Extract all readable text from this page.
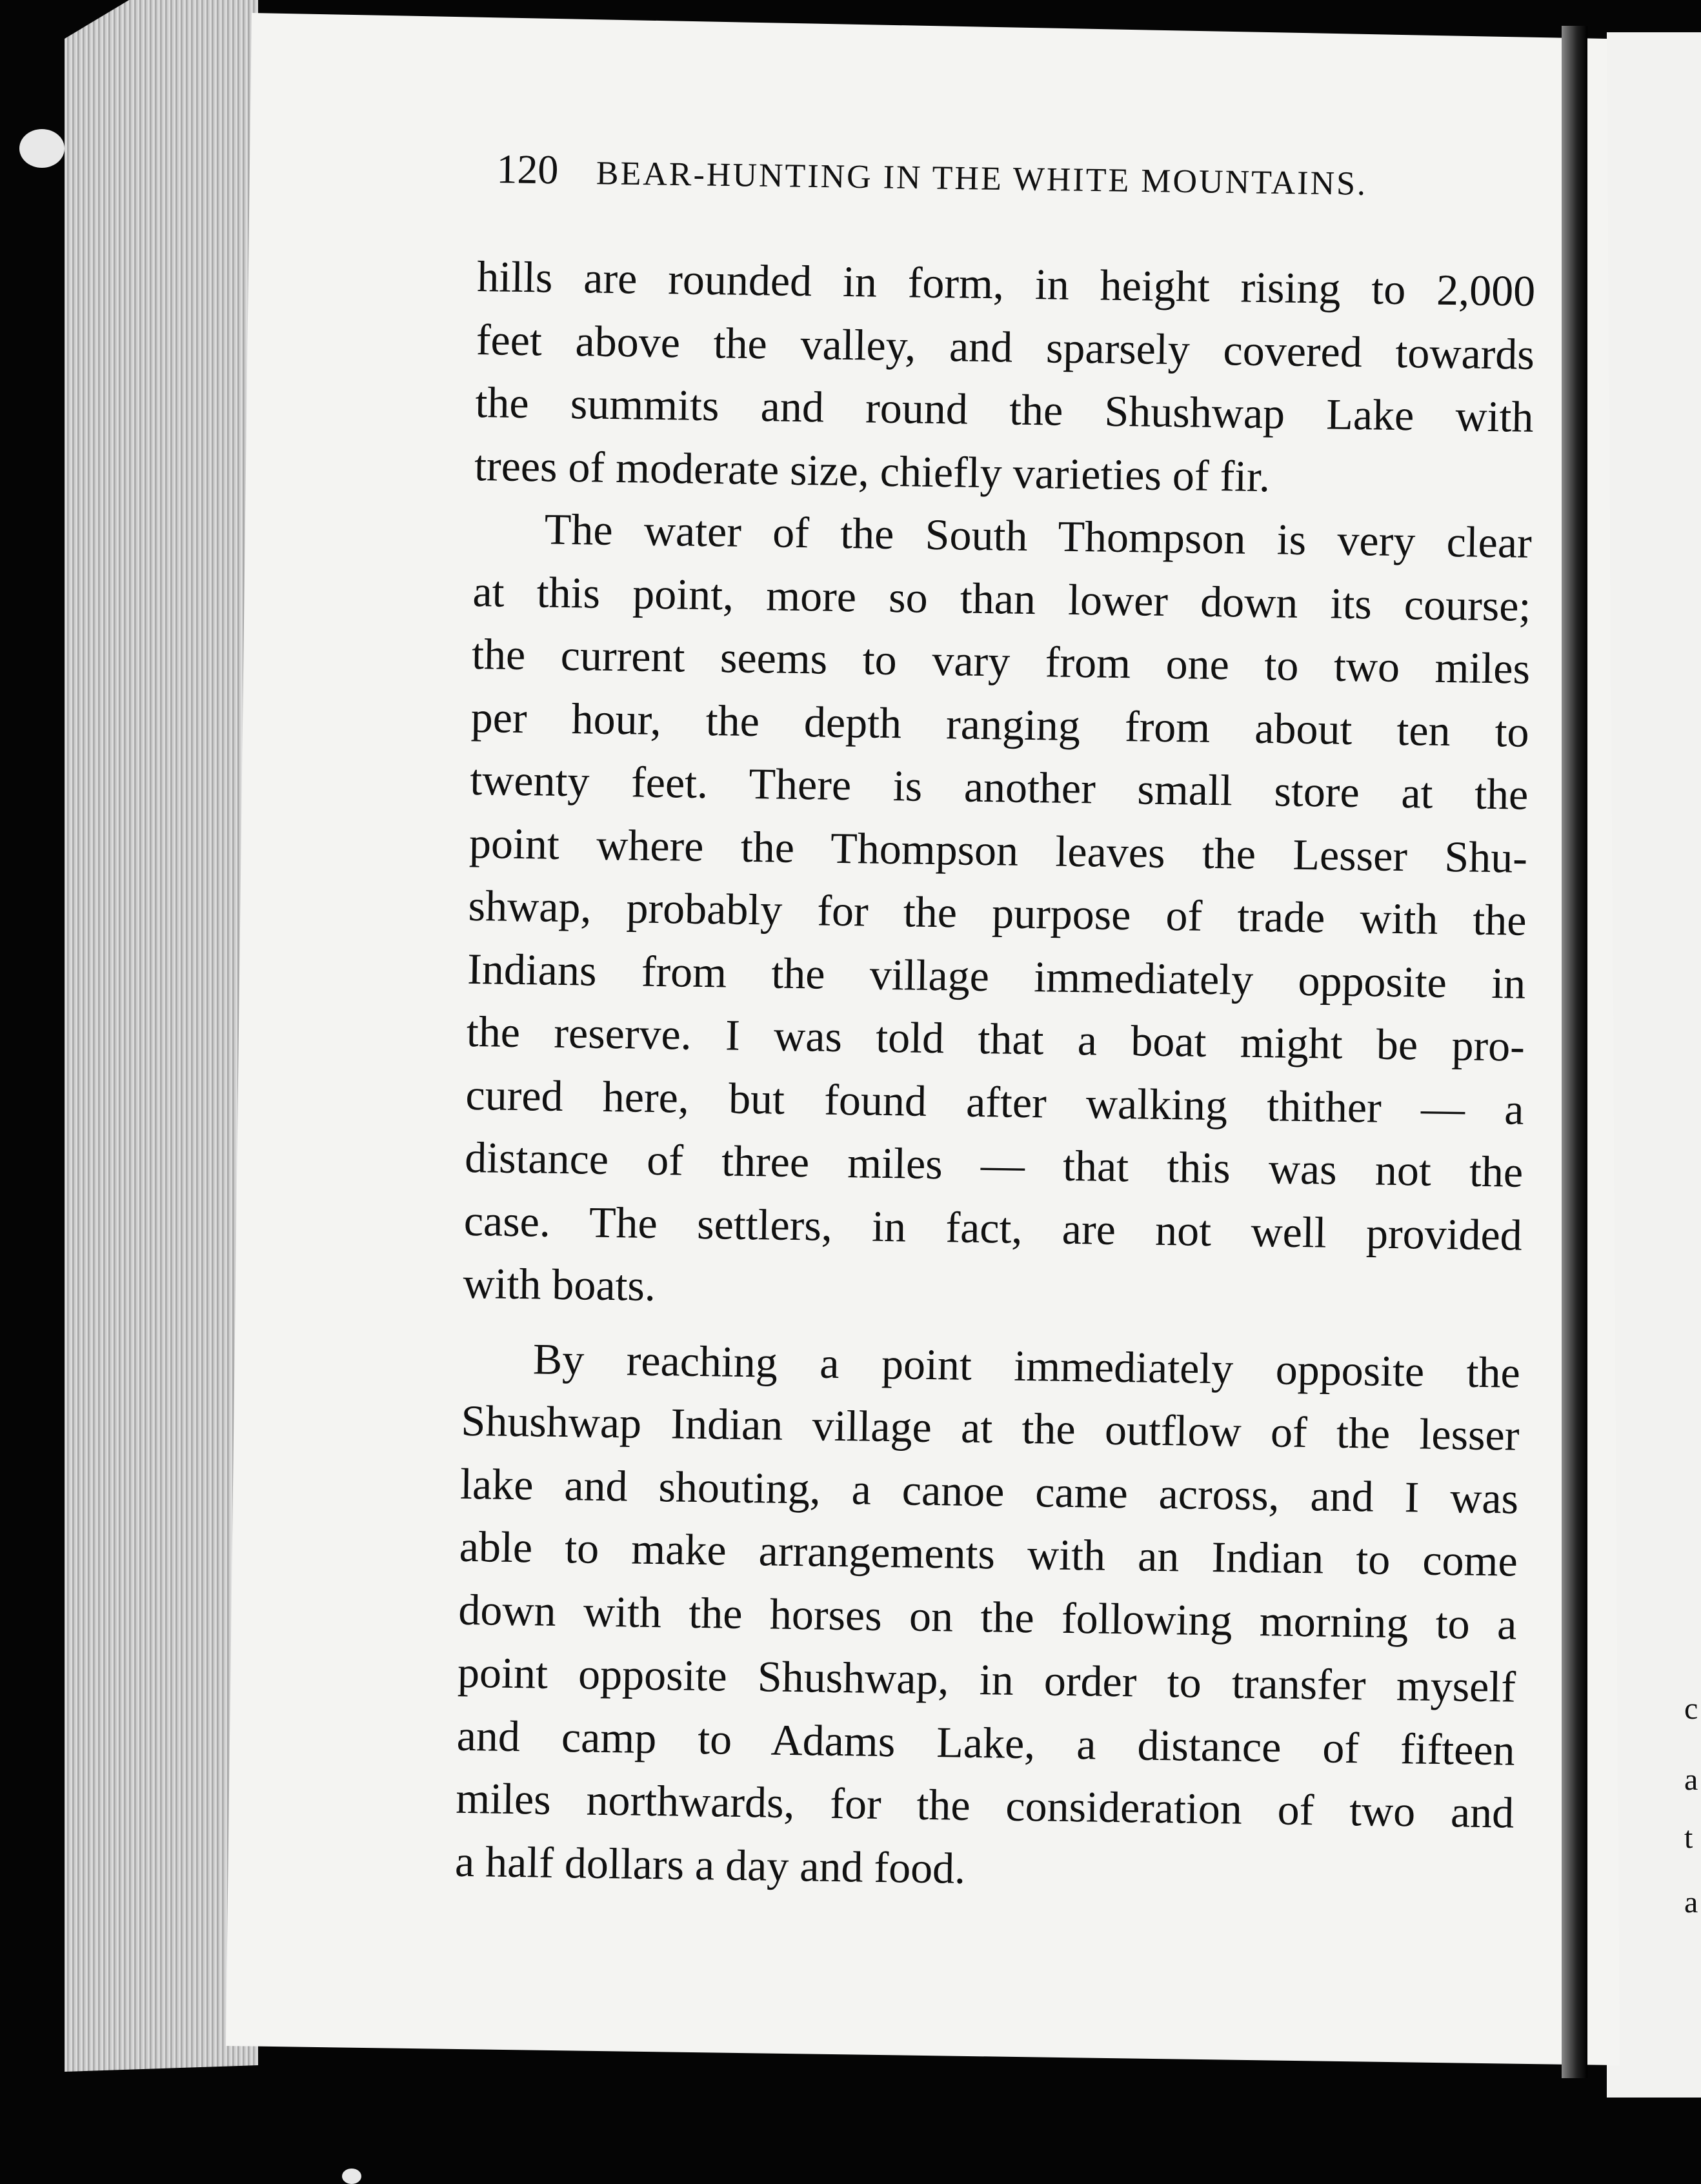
c
a
t
a
120 BEAR-HUNTING IN THE WHITE MOUNTAINS.
hills are rounded in form, in height rising to 2,000
feet above the valley, and sparsely covered towards
the summits and round the Shushwap Lake with
trees of moderate size, chiefly varieties of fir.
The water of the South Thompson is very clear
at this point, more so than lower down its course;
the current seems to vary from one to two miles
per hour, the depth ranging from about ten to
twenty feet. There is another small store at the
point where the Thompson leaves the Lesser Shu-
shwap, probably for the purpose of trade with the
Indians from the village immediately opposite in
the reserve. I was told that a boat might be pro-
cured here, but found after walking thither — a
distance of three miles — that this was not the
case. The settlers, in fact, are not well provided
with boats.
By reaching a point immediately opposite the
Shushwap Indian village at the outflow of the lesser
lake and shouting, a canoe came across, and I was
able to make arrangements with an Indian to come
down with the horses on the following morning to a
point opposite Shushwap, in order to transfer myself
and camp to Adams Lake, a distance of fifteen
miles northwards, for the consideration of two and
a half dollars a day and food.
